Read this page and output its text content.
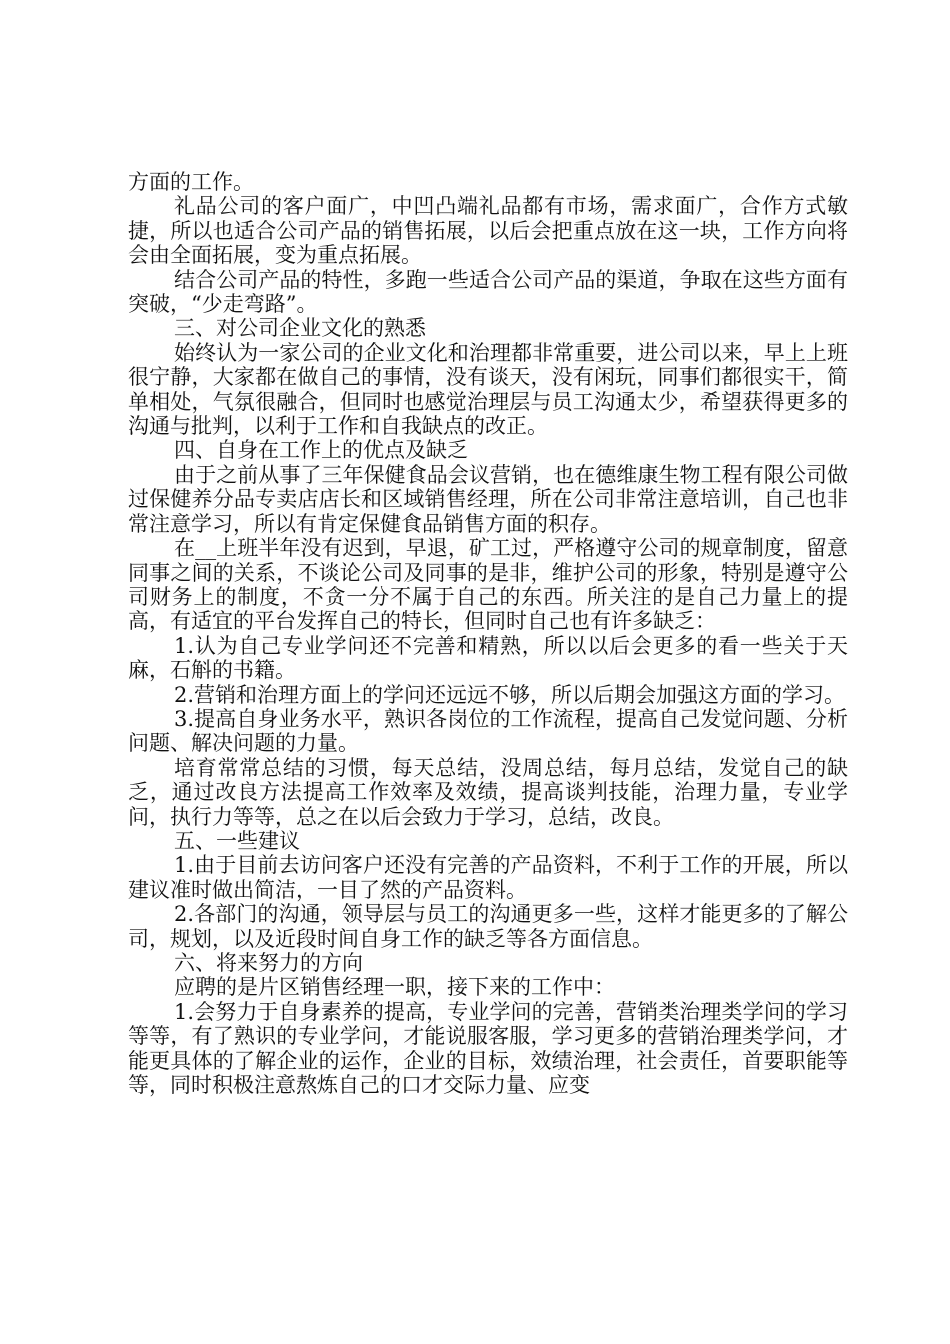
方面的工作。

礼品公司的客户面广，中凹凸端礼品都有市场，需求面广，合作方式敏捷，所以也适合公司产品的销售拓展，以后会把重点放在这一块，工作方向将会由全面拓展，变为重点拓展。

结合公司产品的特性，多跑一些适合公司产品的渠道，争取在这些方面有突破，“少走弯路”。

三、对公司企业文化的熟悉

始终认为一家公司的企业文化和治理都非常重要，进公司以来，早上上班很宁静，大家都在做自己的事情，没有谈天，没有闲玩，同事们都很实干，简单相处，气氛很融合，但同时也感觉治理层与员工沟通太少，希望获得更多的沟通与批判，以利于工作和自我缺点的改正。

四、自身在工作上的优点及缺乏

由于之前从事了三年保健食品会议营销，也在德维康生物工程有限公司做过保健养分品专卖店店长和区域销售经理，所在公司非常注意培训，自己也非常注意学习，所以有肯定保健食品销售方面的积存。

在__上班半年没有迟到，早退，矿工过，严格遵守公司的规章制度，留意同事之间的关系，不谈论公司及同事的是非，维护公司的形象，特别是遵守公司财务上的制度，不贪一分不属于自己的东西。所关注的是自己力量上的提高，有适宜的平台发挥自己的特长，但同时自己也有许多缺乏：

1.认为自己专业学问还不完善和精熟，所以以后会更多的看一些关于天麻，石斛的书籍。

2.营销和治理方面上的学问还远远不够，所以后期会加强这方面的学习。

3.提高自身业务水平，熟识各岗位的工作流程，提高自己发觉问题、分析问题、解决问题的力量。

培育常常总结的习惯，每天总结，没周总结，每月总结，发觉自己的缺乏，通过改良方法提高工作效率及效绩，提高谈判技能，治理力量，专业学问，执行力等等，总之在以后会致力于学习，总结，改良。

五、一些建议

1.由于目前去访问客户还没有完善的产品资料，不利于工作的开展，所以建议准时做出简洁，一目了然的产品资料。

2.各部门的沟通，领导层与员工的沟通更多一些，这样才能更多的了解公司，规划，以及近段时间自身工作的缺乏等各方面信息。

六、将来努力的方向

应聘的是片区销售经理一职，接下来的工作中：

1.会努力于自身素养的提高，专业学问的完善，营销类治理类学问的学习等等，有了熟识的专业学问，才能说服客服，学习更多的营销治理类学问，才能更具体的了解企业的运作，企业的目标，效绩治理，社会责任，首要职能等等，同时积极注意熬炼自己的口才交际力量、应变
